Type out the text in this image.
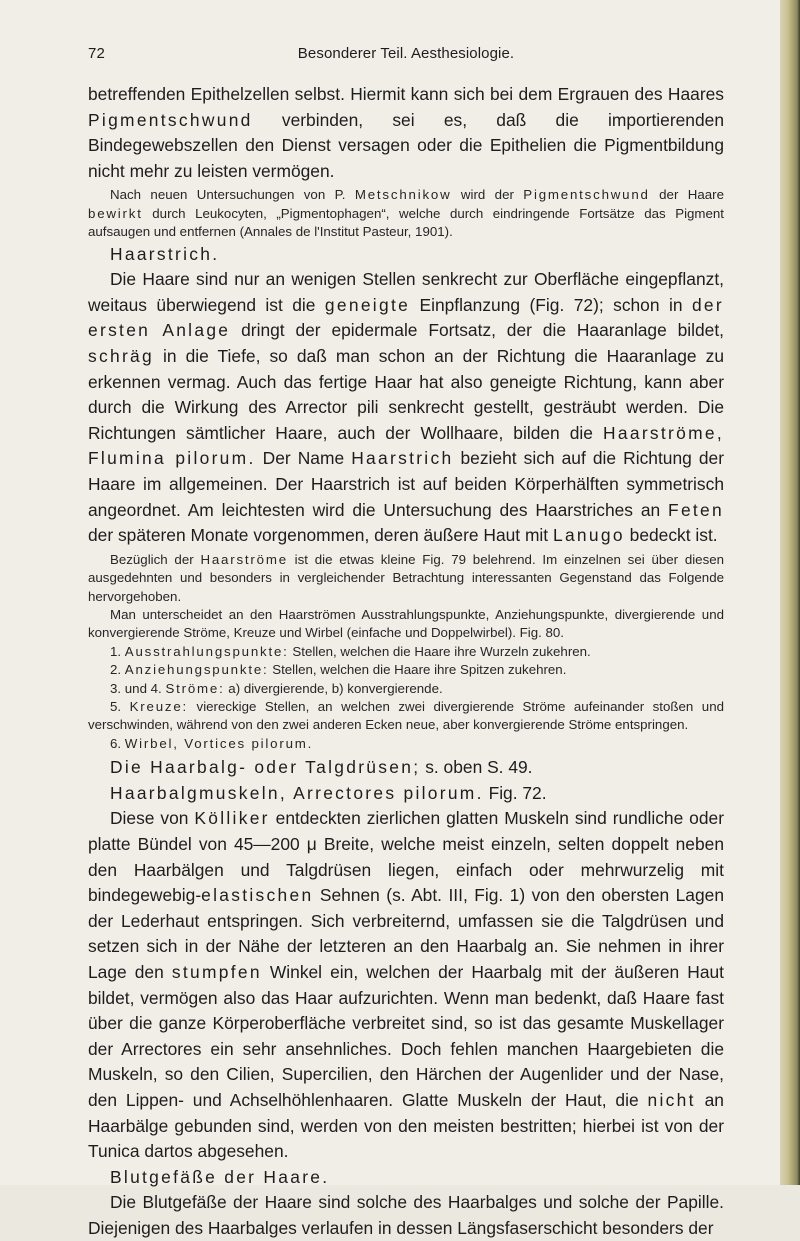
72	Besonderer Teil. Aesthesiologie.

betreffenden Epithelzellen selbst. Hiermit kann sich bei dem Ergrauen des Haares Pigmentschwund verbinden, sei es, daß die importierenden Bindegewebszellen den Dienst versagen oder die Epithelien die Pigmentbildung nicht mehr zu leisten vermögen.

Nach neuen Untersuchungen von P. Metschnikow wird der Pigmentschwund der Haare bewirkt durch Leukocyten, „Pigmentophagen“, welche durch eindringende Fortsätze das Pigment aufsaugen und entfernen (Annales de l'Institut Pasteur, 1901).

Haarstrich.

Die Haare sind nur an wenigen Stellen senkrecht zur Oberfläche eingepflanzt, weitaus überwiegend ist die geneigte Einpflanzung (Fig. 72); schon in der ersten Anlage dringt der epidermale Fortsatz, der die Haaranlage bildet, schräg in die Tiefe, so daß man schon an der Richtung die Haaranlage zu erkennen vermag. Auch das fertige Haar hat also geneigte Richtung, kann aber durch die Wirkung des Arrector pili senkrecht gestellt, gesträubt werden. Die Richtungen sämtlicher Haare, auch der Wollhaare, bilden die Haarströme, Flumina pilorum. Der Name Haarstrich bezieht sich auf die Richtung der Haare im allgemeinen. Der Haarstrich ist auf beiden Körperhälften symmetrisch angeordnet. Am leichtesten wird die Untersuchung des Haarstriches an Feten der späteren Monate vorgenommen, deren äußere Haut mit Lanugo bedeckt ist.

Bezüglich der Haarströme ist die etwas kleine Fig. 79 belehrend. Im einzelnen sei über diesen ausgedehnten und besonders in vergleichender Betrachtung interessanten Gegenstand das Folgende hervorgehoben.

Man unterscheidet an den Haarströmen Ausstrahlungspunkte, Anziehungspunkte, divergierende und konvergierende Ströme, Kreuze und Wirbel (einfache und Doppelwirbel). Fig. 80.

1. Ausstrahlungspunkte: Stellen, welchen die Haare ihre Wurzeln zukehren.

2. Anziehungspunkte: Stellen, welchen die Haare ihre Spitzen zukehren.

3. und 4. Ströme: a) divergierende, b) konvergierende.

5. Kreuze: viereckige Stellen, an welchen zwei divergierende Ströme aufeinander stoßen und verschwinden, während von den zwei anderen Ecken neue, aber konvergierende Ströme entspringen.

6. Wirbel, Vortices pilorum.

Die Haarbalg- oder Talgdrüsen; s. oben S. 49.

Haarbalgmuskeln, Arrectores pilorum. Fig. 72.

Diese von Kölliker entdeckten zierlichen glatten Muskeln sind rundliche oder platte Bündel von 45—200 μ Breite, welche meist einzeln, selten doppelt neben den Haarbälgen und Talgdrüsen liegen, einfach oder mehrwurzelig mit bindegewebig-elastischen Sehnen (s. Abt. III, Fig. 1) von den obersten Lagen der Lederhaut entspringen. Sich verbreiternd, umfassen sie die Talgdrüsen und setzen sich in der Nähe der letzteren an den Haarbalg an. Sie nehmen in ihrer Lage den stumpfen Winkel ein, welchen der Haarbalg mit der äußeren Haut bildet, vermögen also das Haar aufzurichten. Wenn man bedenkt, daß Haare fast über die ganze Körperoberfläche verbreitet sind, so ist das gesamte Muskellager der Arrectores ein sehr ansehnliches. Doch fehlen manchen Haargebieten die Muskeln, so den Cilien, Supercilien, den Härchen der Augenlider und der Nase, den Lippen- und Achselhöhlenhaaren. Glatte Muskeln der Haut, die nicht an Haarbälge gebunden sind, werden von den meisten bestritten; hierbei ist von der Tunica dartos abgesehen.

Blutgefäße der Haare.

Die Blutgefäße der Haare sind solche des Haarbalges und solche der Papille. Diejenigen des Haarbalges verlaufen in dessen Längsfaserschicht besonders der
